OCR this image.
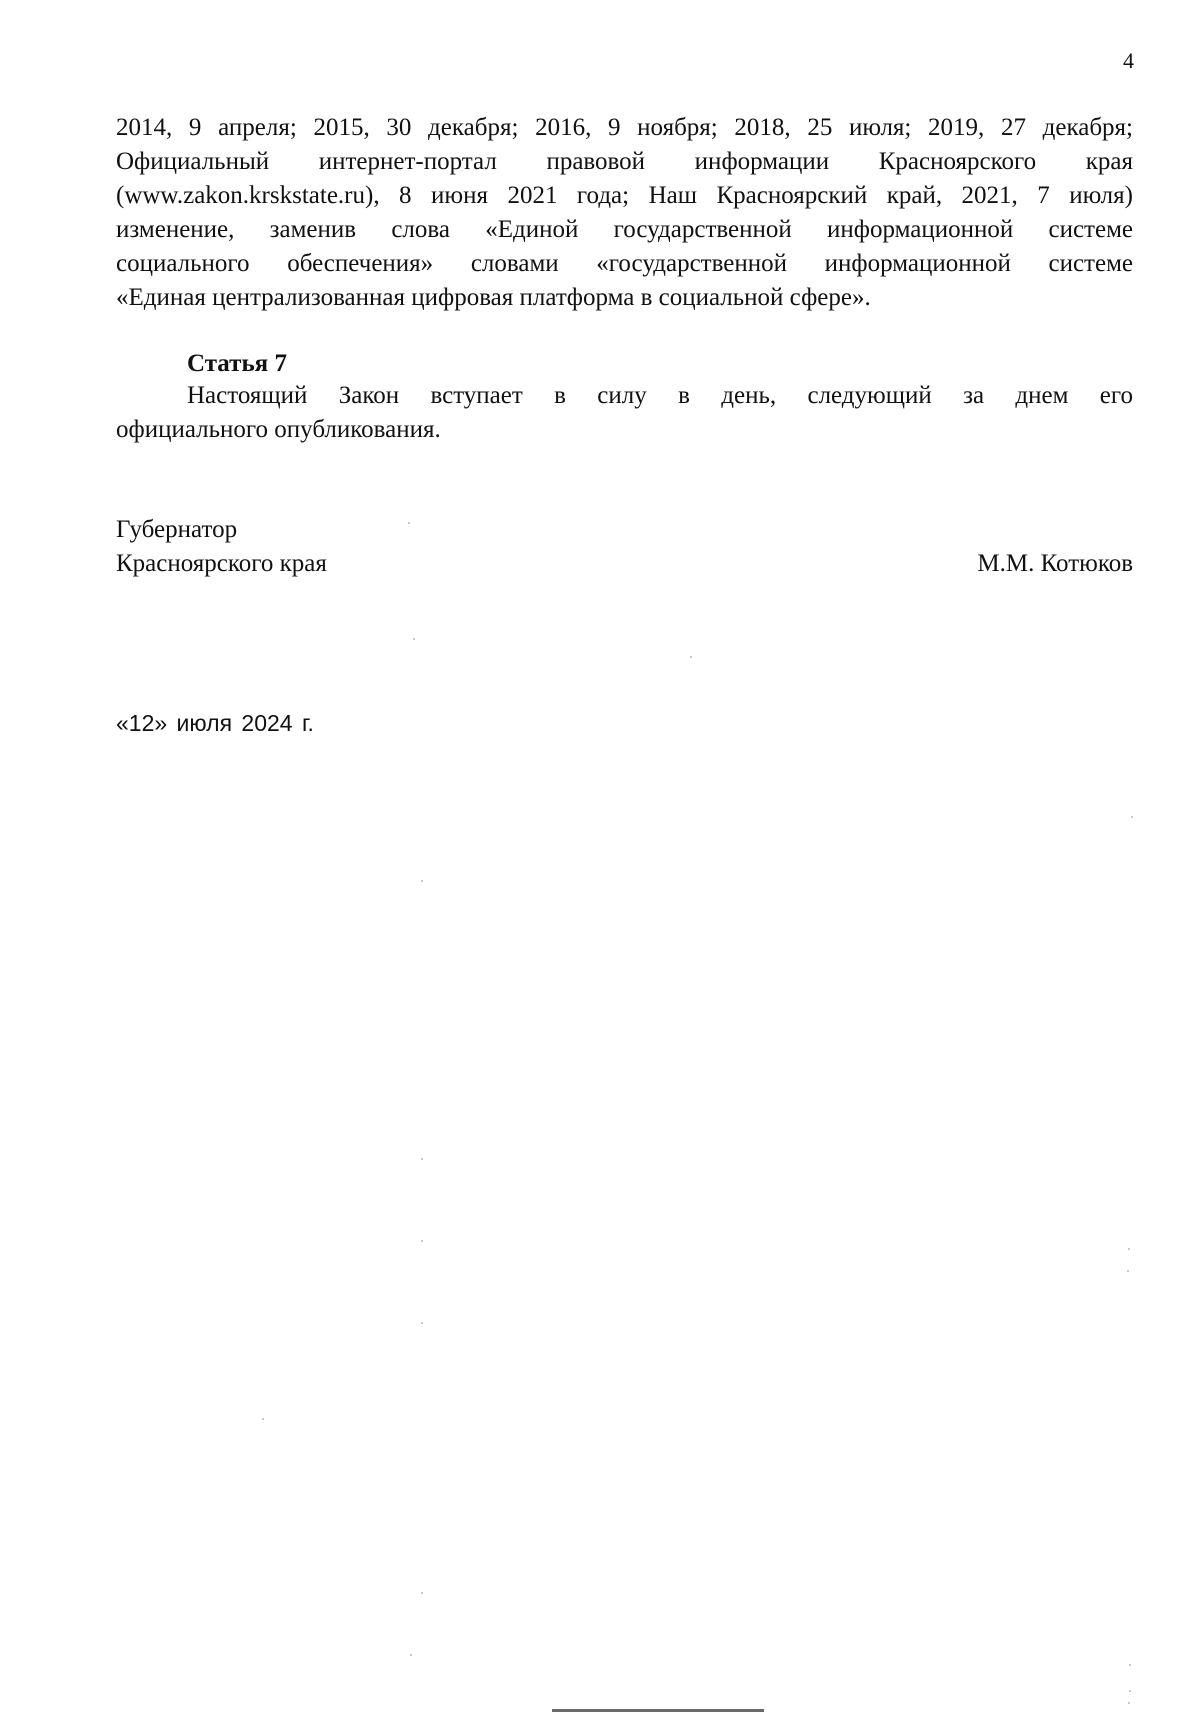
4
2014, 9 апреля; 2015, 30 декабря; 2016, 9 ноября; 2018, 25 июля; 2019, 27 декабря;
Официальный интернет-портал правовой информации Красноярского края
(www.zakon.krskstate.ru), 8 июня 2021 года; Наш Красноярский край, 2021, 7 июля)
изменение, заменив слова «Единой государственной информационной системе
социального обеспечения» словами «государственной информационной системе
«Единая централизованная цифровая платформа в социальной сфере».
Статья 7
Настоящий Закон вступает в силу в день, следующий за днем его
официального опубликования.
Губернатор
Красноярского края	М.М. Котюков
«12» июля 2024 г.
